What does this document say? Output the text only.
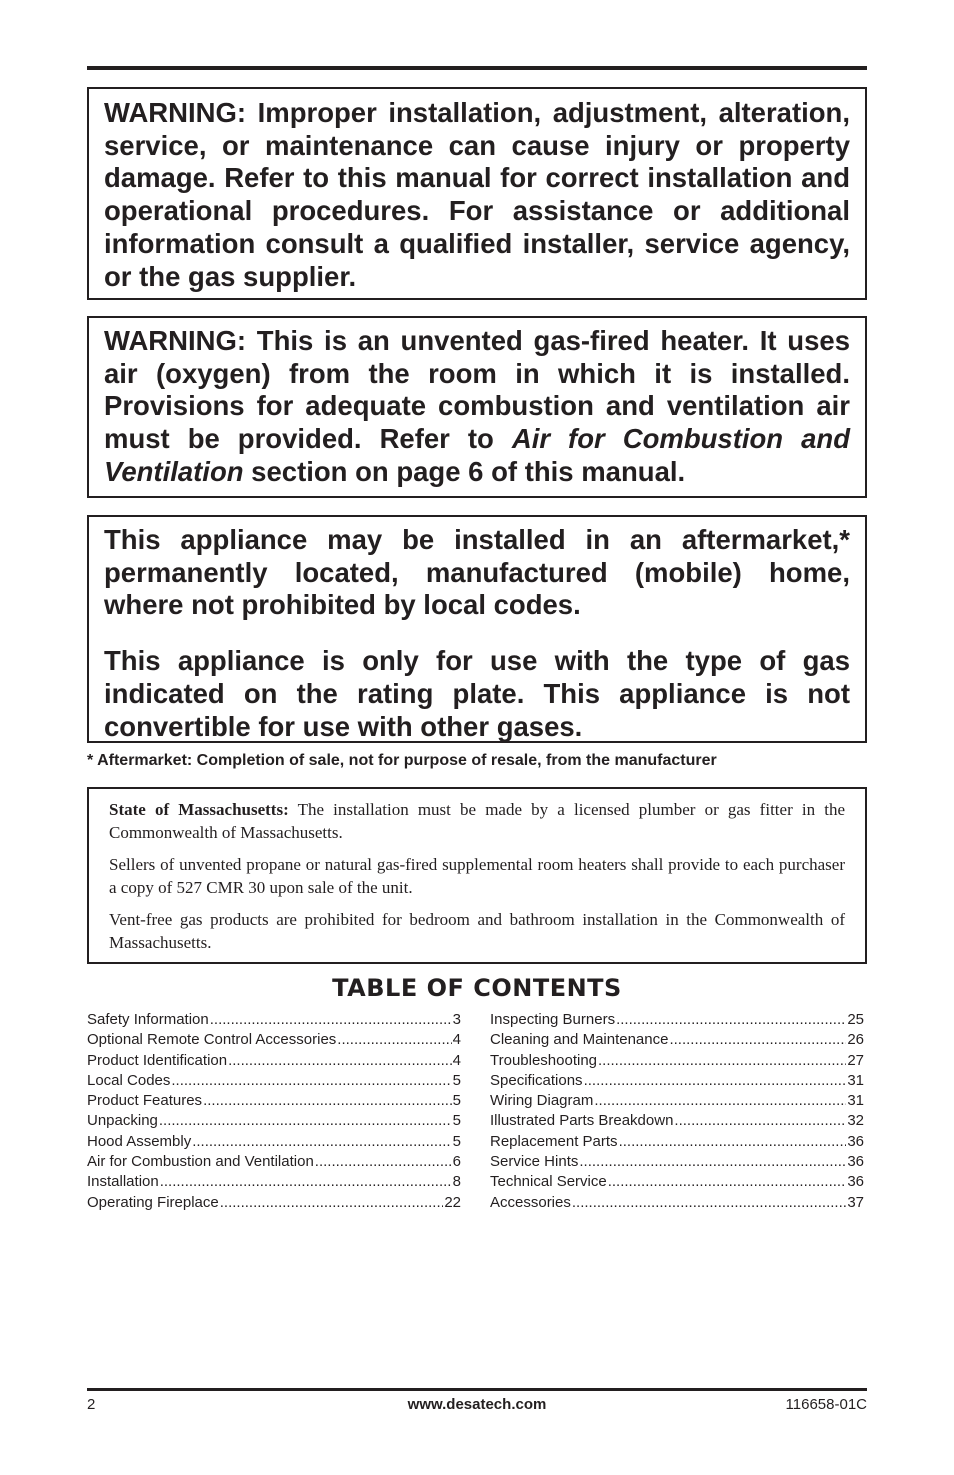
WARNING: Improper installation, adjustment, alteration, service, or maintenance can cause injury or property damage. Refer to this manual for correct installation and operational procedures. For assistance or additional information consult a qualified installer, service agency, or the gas supplier.

WARNING: This is an unvented gas-fired heater. It uses air (oxygen) from the room in which it is installed. Provisions for adequate combustion and ventilation air must be provided. Refer to Air for Combustion and Ventilation section on page 6 of this manual.

This appliance may be installed in an aftermarket,* permanently located, manufactured (mobile) home, where not prohibited by local codes.

This appliance is only for use with the type of gas indicated on the rating plate. This appliance is not convertible for use with other gases.

* Aftermarket: Completion of sale, not for purpose of resale, from the manufacturer

State of Massachusetts: The installation must be made by a licensed plumber or gas fitter in the Commonwealth of Massachusetts.

Sellers of unvented propane or natural gas-fired supplemental room heaters shall provide to each purchaser a copy of 527 CMR 30 upon sale of the unit.

Vent-free gas products are prohibited for bedroom and bathroom installation in the Commonwealth of Massachusetts.

TABLE OF CONTENTS
Safety Information .....	3
Optional Remote Control Accessories .....	4
Product Identification .....	4
Local Codes .....	5
Product Features .....	5
Unpacking .....	5
Hood Assembly .....	5
Air for Combustion and Ventilation .....	6
Installation .....	8
Operating Fireplace .....	22
Inspecting Burners .....	25
Cleaning and Maintenance .....	26
Troubleshooting .....	27
Specifications .....	31
Wiring Diagram .....	31
Illustrated Parts Breakdown .....	32
Replacement Parts .....	36
Service Hints .....	36
Technical Service .....	36
Accessories .....	37
2	www.desatech.com	116658-01C
